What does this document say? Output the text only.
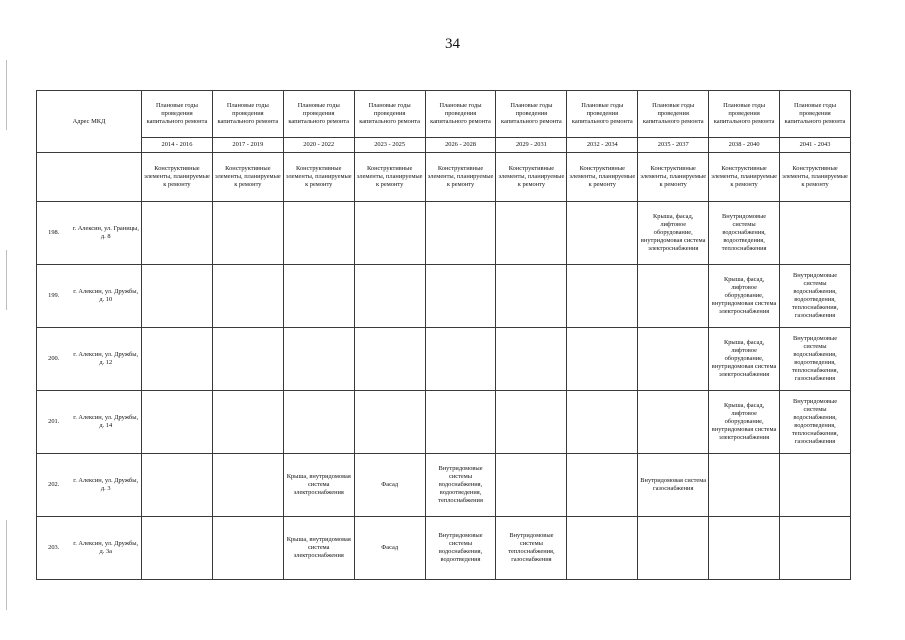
34
Адрес МКД		Плановые годы проведения капитального ремонта	Плановые годы проведения капитального ремонта	Плановые годы проведения капитального ремонта	Плановые годы проведения капитального ремонта	Плановые годы проведения капитального ремонта	Плановые годы проведения капитального ремонта	Плановые годы проведения капитального ремонта	Плановые годы проведения капитального ремонта	Плановые годы проведения капитального ремонта	Плановые годы проведения капитального ремонта
		2014 - 2016	2017 - 2019	2020 - 2022	2023 - 2025	2026 - 2028	2029 - 2031	2032 - 2034	2035 - 2037	2038 - 2040	2041 - 2043
		Конструктивные элементы, планируемые к ремонту	Конструктивные элементы, планируемые к ремонту	Конструктивные элементы, планируемые к ремонту	Конструктивные элементы, планируемые к ремонту	Конструктивные элементы, планируемые к ремонту	Конструктивные элементы, планируемые к ремонту	Конструктивные элементы, планируемые к ремонту	Конструктивные элементы, планируемые к ремонту	Конструктивные элементы, планируемые к ремонту	Конструктивные элементы, планируемые к ремонту
198.	г. Алексин, ул. Границы, д. 8								Крыша, фасад, лифтовое оборудование, внутридомовая система электроснабжения	Внутридомовые системы водоснабжения, водоотведения, теплоснабжения	
199.	г. Алексин, ул. Дружбы, д. 10									Крыша, фасад, лифтовое оборудование, внутридомовая система электроснабжения	Внутридомовые системы водоснабжения, водоотведения, теплоснабжения, газоснабжения
200.	г. Алексин, ул. Дружбы, д. 12									Крыша, фасад, лифтовое оборудование, внутридомовая система электроснабжения	Внутридомовые системы водоснабжения, водоотведения, теплоснабжения, газоснабжения
201.	г. Алексин, ул. Дружбы, д. 14									Крыша, фасад, лифтовое оборудование, внутридомовая система электроснабжения	Внутридомовые системы водоснабжения, водоотведения, теплоснабжения, газоснабжения
202.	г. Алексин, ул. Дружбы, д. 3			Крыша, внутридомовая система электроснабжения	Фасад	Внутридомовые системы водоснабжения, водоотведения, теплоснабжения			Внутридомовая система газоснабжения		
203.	г. Алексин, ул. Дружбы, д. 3а			Крыша, внутридомовая система электроснабжения	Фасад	Внутридомовые системы водоснабжения, водоотведения	Внутридомовые системы теплоснабжения, газоснабжения				
